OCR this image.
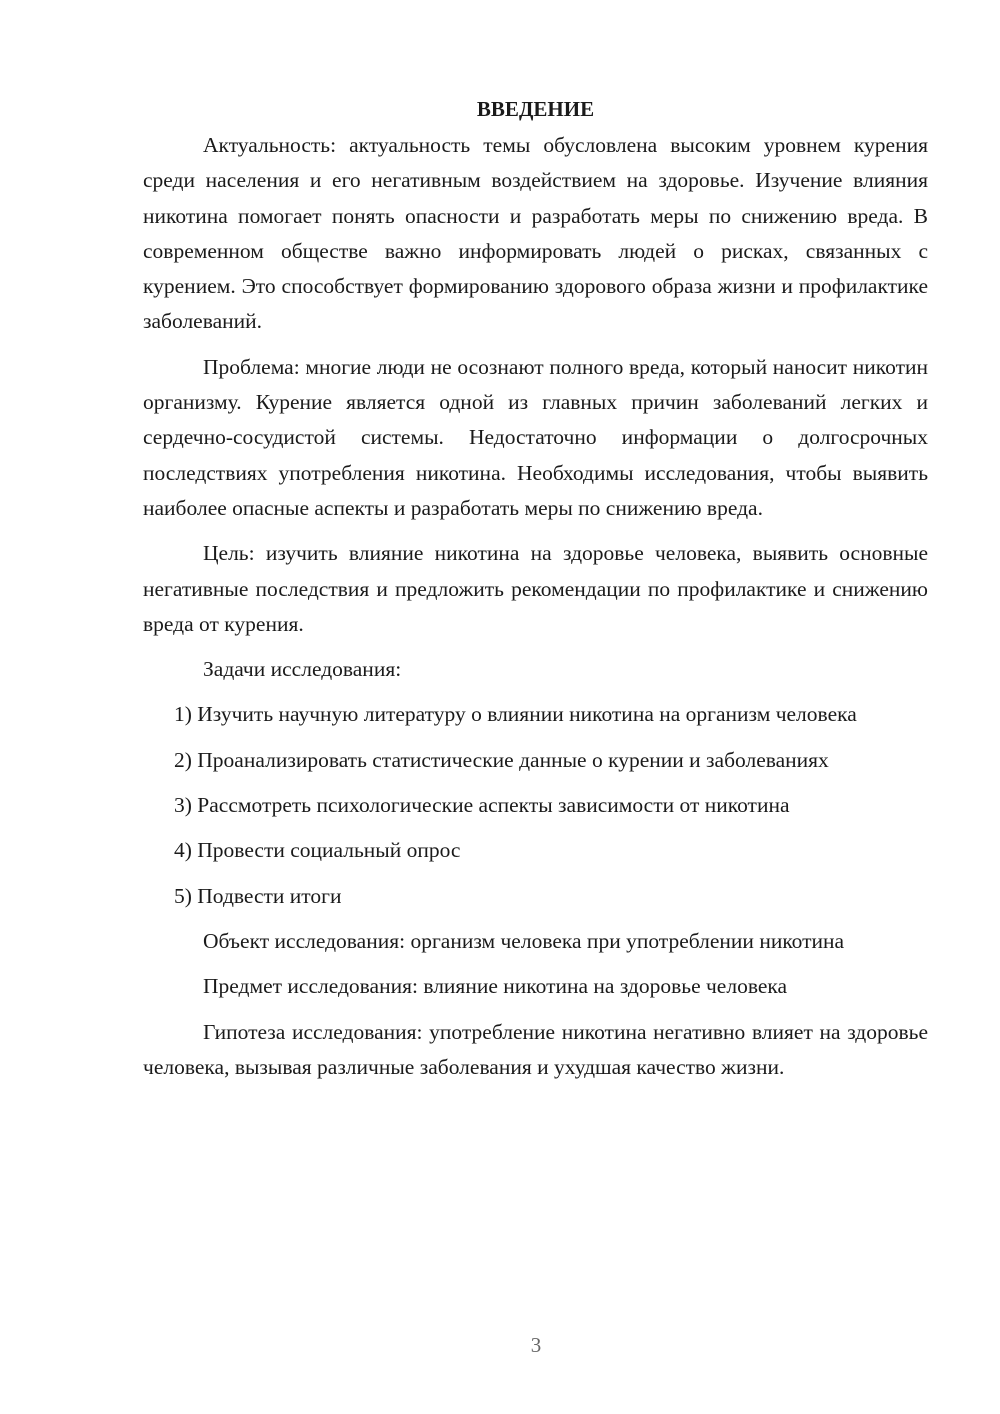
ВВЕДЕНИЕ

Актуальность: актуальность темы обусловлена высоким уровнем курения среди населения и его негативным воздействием на здоровье. Изучение влияния никотина помогает понять опасности и разработать меры по снижению вреда. В современном обществе важно информировать людей о рисках, связанных с курением. Это способствует формированию здорового образа жизни и профилактике заболеваний.

Проблема: многие люди не осознают полного вреда, который наносит никотин организму. Курение является одной из главных причин заболеваний легких и сердечно-сосудистой системы. Недостаточно информации о долгосрочных последствиях употребления никотина. Необходимы исследования, чтобы выявить наиболее опасные аспекты и разработать меры по снижению вреда.

Цель: изучить влияние никотина на здоровье человека, выявить основные негативные последствия и предложить рекомендации по профилактике и снижению вреда от курения.

Задачи исследования:

1) Изучить научную литературу о влиянии никотина на организм человека

2) Проанализировать статистические данные о курении и заболеваниях

3) Рассмотреть психологические аспекты зависимости от никотина

4) Провести социальный опрос

5) Подвести итоги

Объект исследования: организм человека при употреблении никотина

Предмет исследования: влияние никотина на здоровье человека

Гипотеза исследования: употребление никотина негативно влияет на здоровье человека, вызывая различные заболевания и ухудшая качество жизни.

3
